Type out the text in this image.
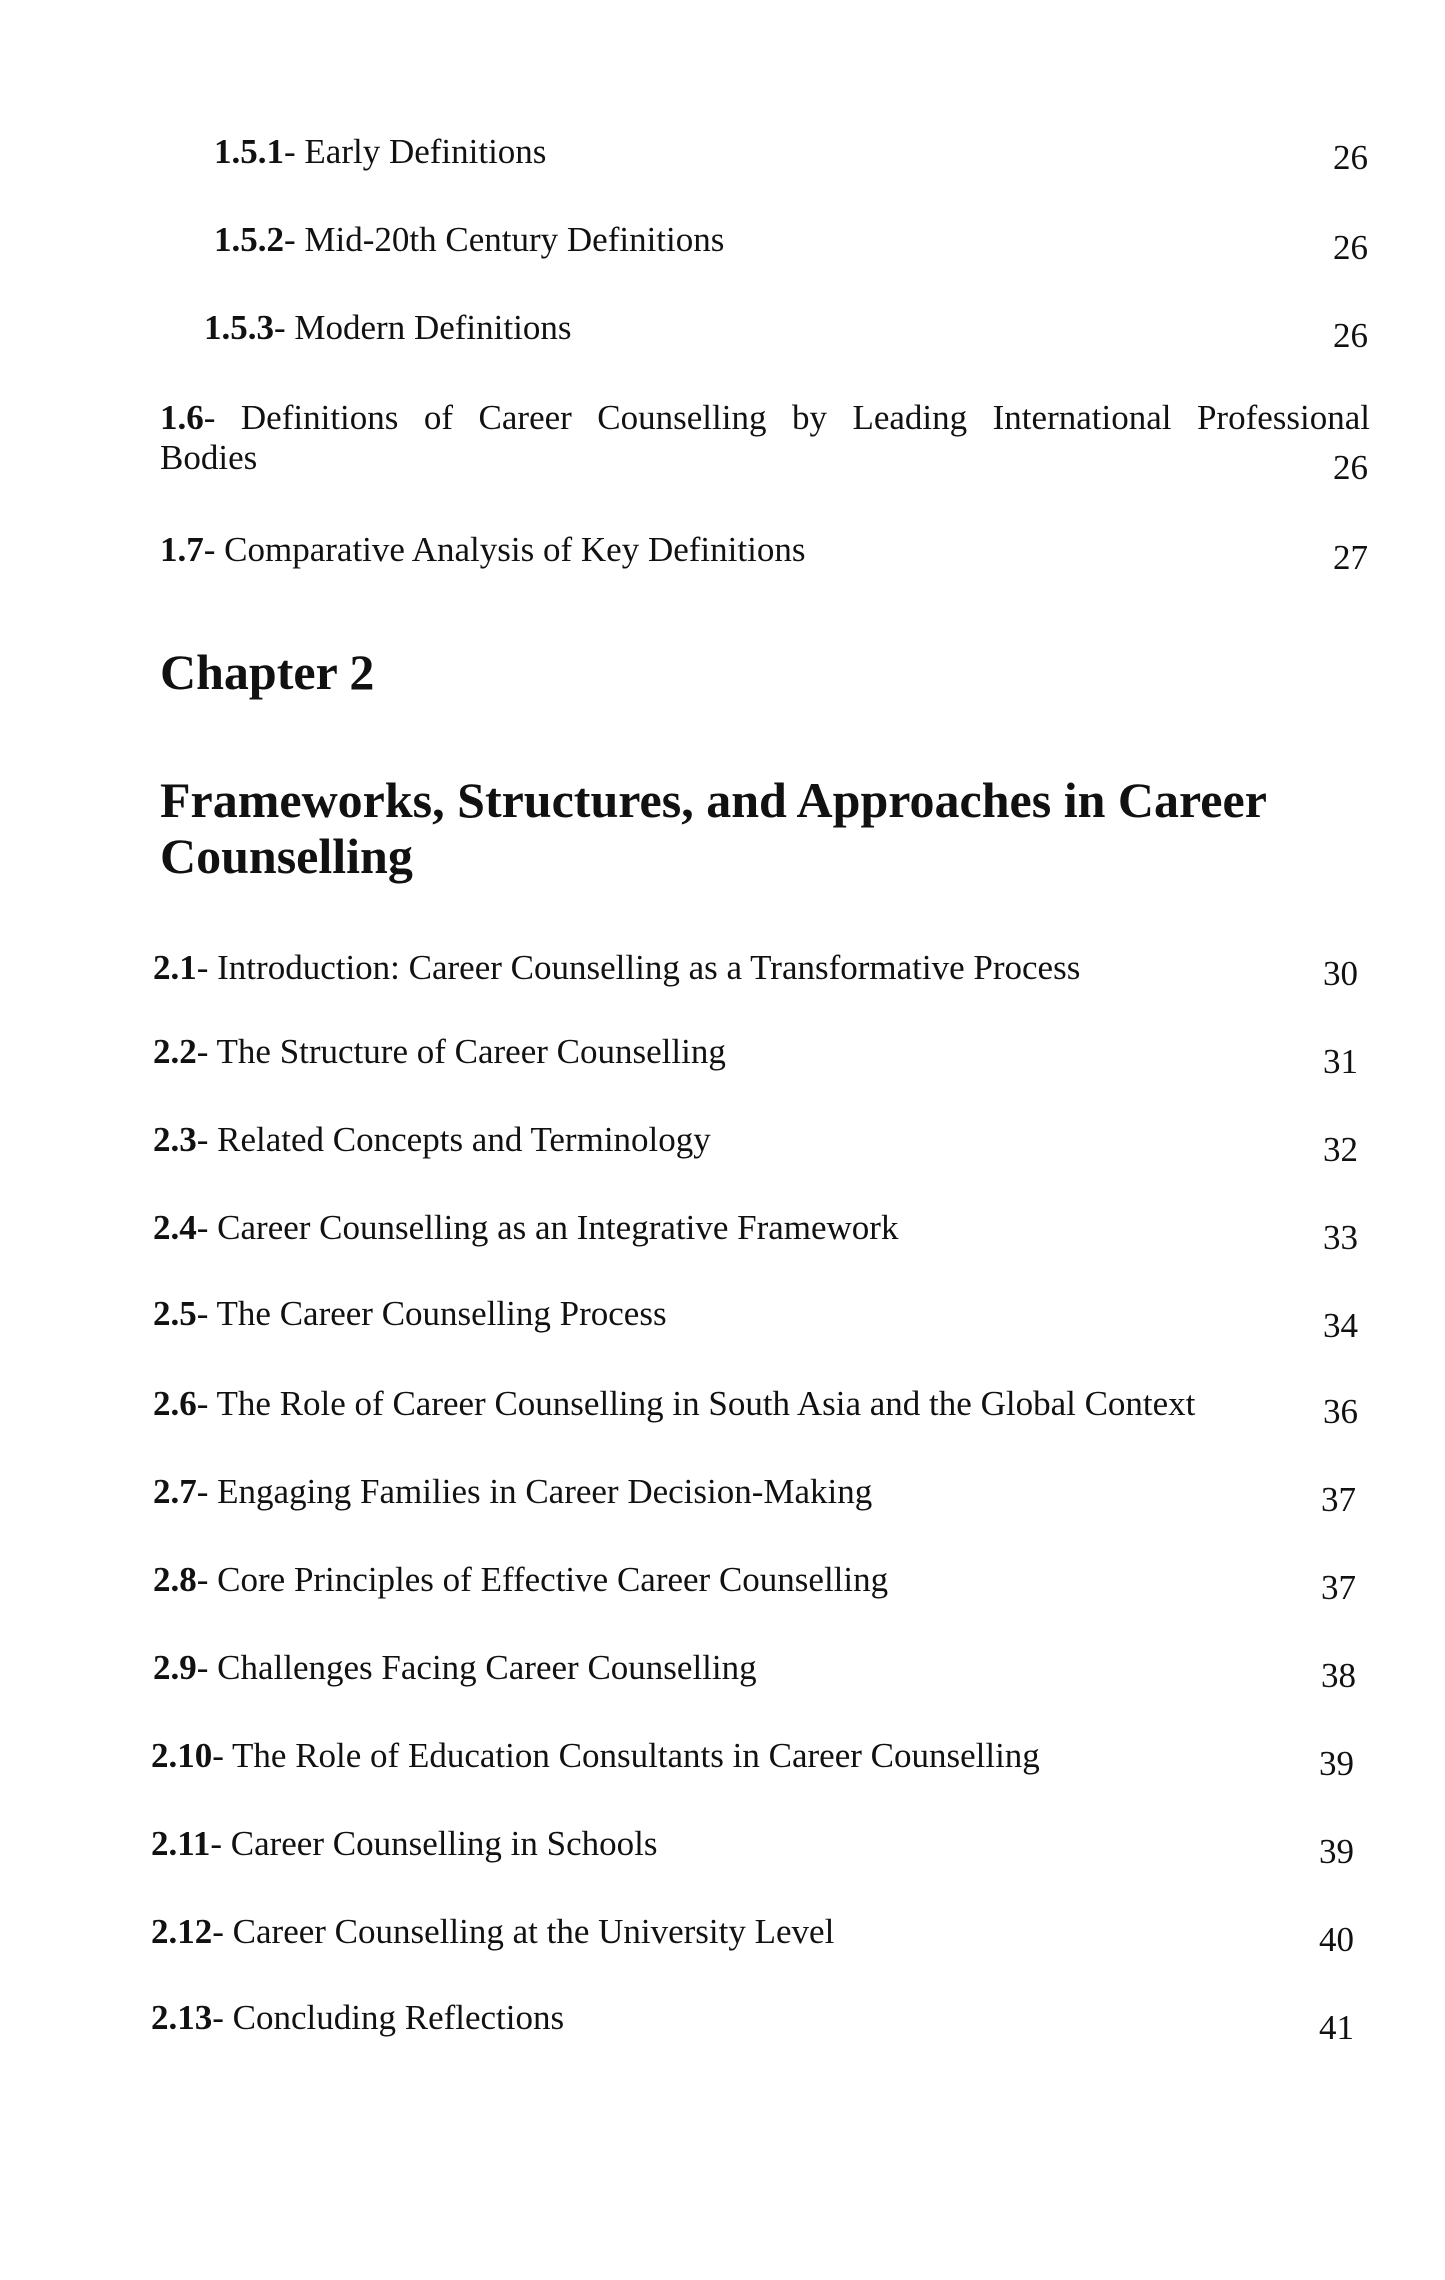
1.5.1- Early Definitions	26
1.5.2- Mid-20th Century Definitions	26
1.5.3- Modern Definitions	26
1.6- Definitions of Career Counselling by Leading International Professional
Bodies	26
1.7- Comparative Analysis of Key Definitions	27
Chapter 2
Frameworks, Structures, and Approaches in Career Counselling
2.1- Introduction: Career Counselling as a Transformative Process	30
2.2- The Structure of Career Counselling	31
2.3- Related Concepts and Terminology	32
2.4- Career Counselling as an Integrative Framework	33
2.5- The Career Counselling Process	34
2.6- The Role of Career Counselling in South Asia and the Global Context	36
2.7- Engaging Families in Career Decision-Making	37
2.8- Core Principles of Effective Career Counselling	37
2.9- Challenges Facing Career Counselling	38
2.10- The Role of Education Consultants in Career Counselling	39
2.11- Career Counselling in Schools	39
2.12- Career Counselling at the University Level	40
2.13- Concluding Reflections	41
